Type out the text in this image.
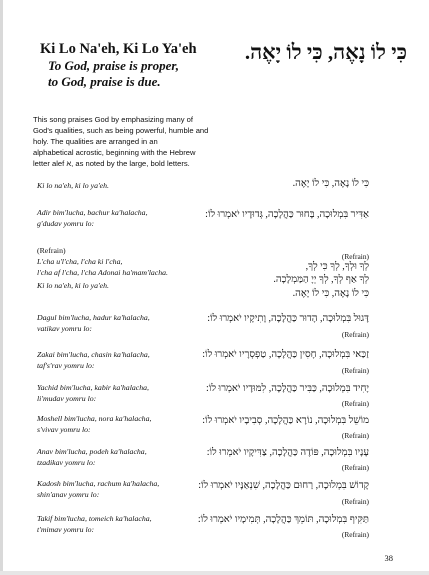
Ki Lo Na'eh, Ki Lo Ya'eh	כִּי לוֹ נָאֶה, כִּי לוֹ יָאֶה.
To God, praise is proper,
to God, praise is due.
This song praises God by emphasizing many of
God's qualities, such as being powerful, humble and
holy. The qualities are arranged in an
alphabetical acrostic, beginning with the Hebrew
letter alef א, as noted by the large, bold letters.
Ki lo na'eh, ki lo ya'eh.	כִּי לוֹ נָאֶה, כִּי לוֹ יָאֶה.
Adir bim'lucha, bachur ka'halacha,
g'dudav yomru lo:
אַדִּיר בִּמְלוּכָה, בָּחוּר כַּהֲלָכָה, גְּדוּדָיו יֹאמְרוּ לוֹ:
(Refrain)
L'cha u'l'cha, l'cha ki l'cha,
l'cha af l'cha, l'cha Adonai ha'mam'lacha.
Ki lo na'eh, ki lo ya'eh.
(Refrain)
לְךָ וּלְךָ, לְךָ כִּי לְךָ,
לְךָ אַף לְךָ, לְךָ יְיָ הַמַּמְלָכָה.
כִּי לוֹ נָאֶה, כִּי לוֹ יָאֶה.
Dagul bim'lucha, hadur ka'halacha,
vatikav yomru lo:
דָּגוּל בִּמְלוּכָה, הָדוּר כַּהֲלָכָה, וָתִיקָיו יֹאמְרוּ לוֹ:
(Refrain)
Zakai bim'lucha, chasin ka'halacha,
taf's'rav yomru lo:
זַכַּאי בִּמְלוּכָה, חָסִין כַּהֲלָכָה, טַפְסְרָיו יֹאמְרוּ לוֹ:
(Refrain)
Yachid bim'lucha, kabir ka'halacha,
li'mudav yomru lo:
יָחִיד בִּמְלוּכָה, כַּבִּיר כַּהֲלָכָה, לִמּוּדָיו יֹאמְרוּ לוֹ:
(Refrain)
Moshell bim'lucha, nora ka'halacha,
s'vivav yomru lo:
מוֹשֵׁל בִּמְלוּכָה, נוֹרָא כַּהֲלָכָה, סְבִיבָיו יֹאמְרוּ לוֹ:
(Refrain)
Anav bim'lucha, podeh ka'halacha,
tzadikav yomru lo:
עָנָיו בִּמְלוּכָה, פּוֹדֶה כַּהֲלָכָה, צַדִּיקָיו יֹאמְרוּ לוֹ:
(Refrain)
Kadosh bim'lucha, rachum ka'halacha,
shin'anav yomru lo:
קָדוֹשׁ בִּמְלוּכָה, רַחוּם כַּהֲלָכָה, שִׁנְאַנָּיו יֹאמְרוּ לוֹ:
(Refrain)
Takif bim'lucha, tomeich ka'halacha,
t'mimav yomru lo:
תַּקִּיף בִּמְלוּכָה, תּוֹמֵךְ כַּהֲלָכָה, תְּמִימָיו יֹאמְרוּ לוֹ:
(Refrain)
38
